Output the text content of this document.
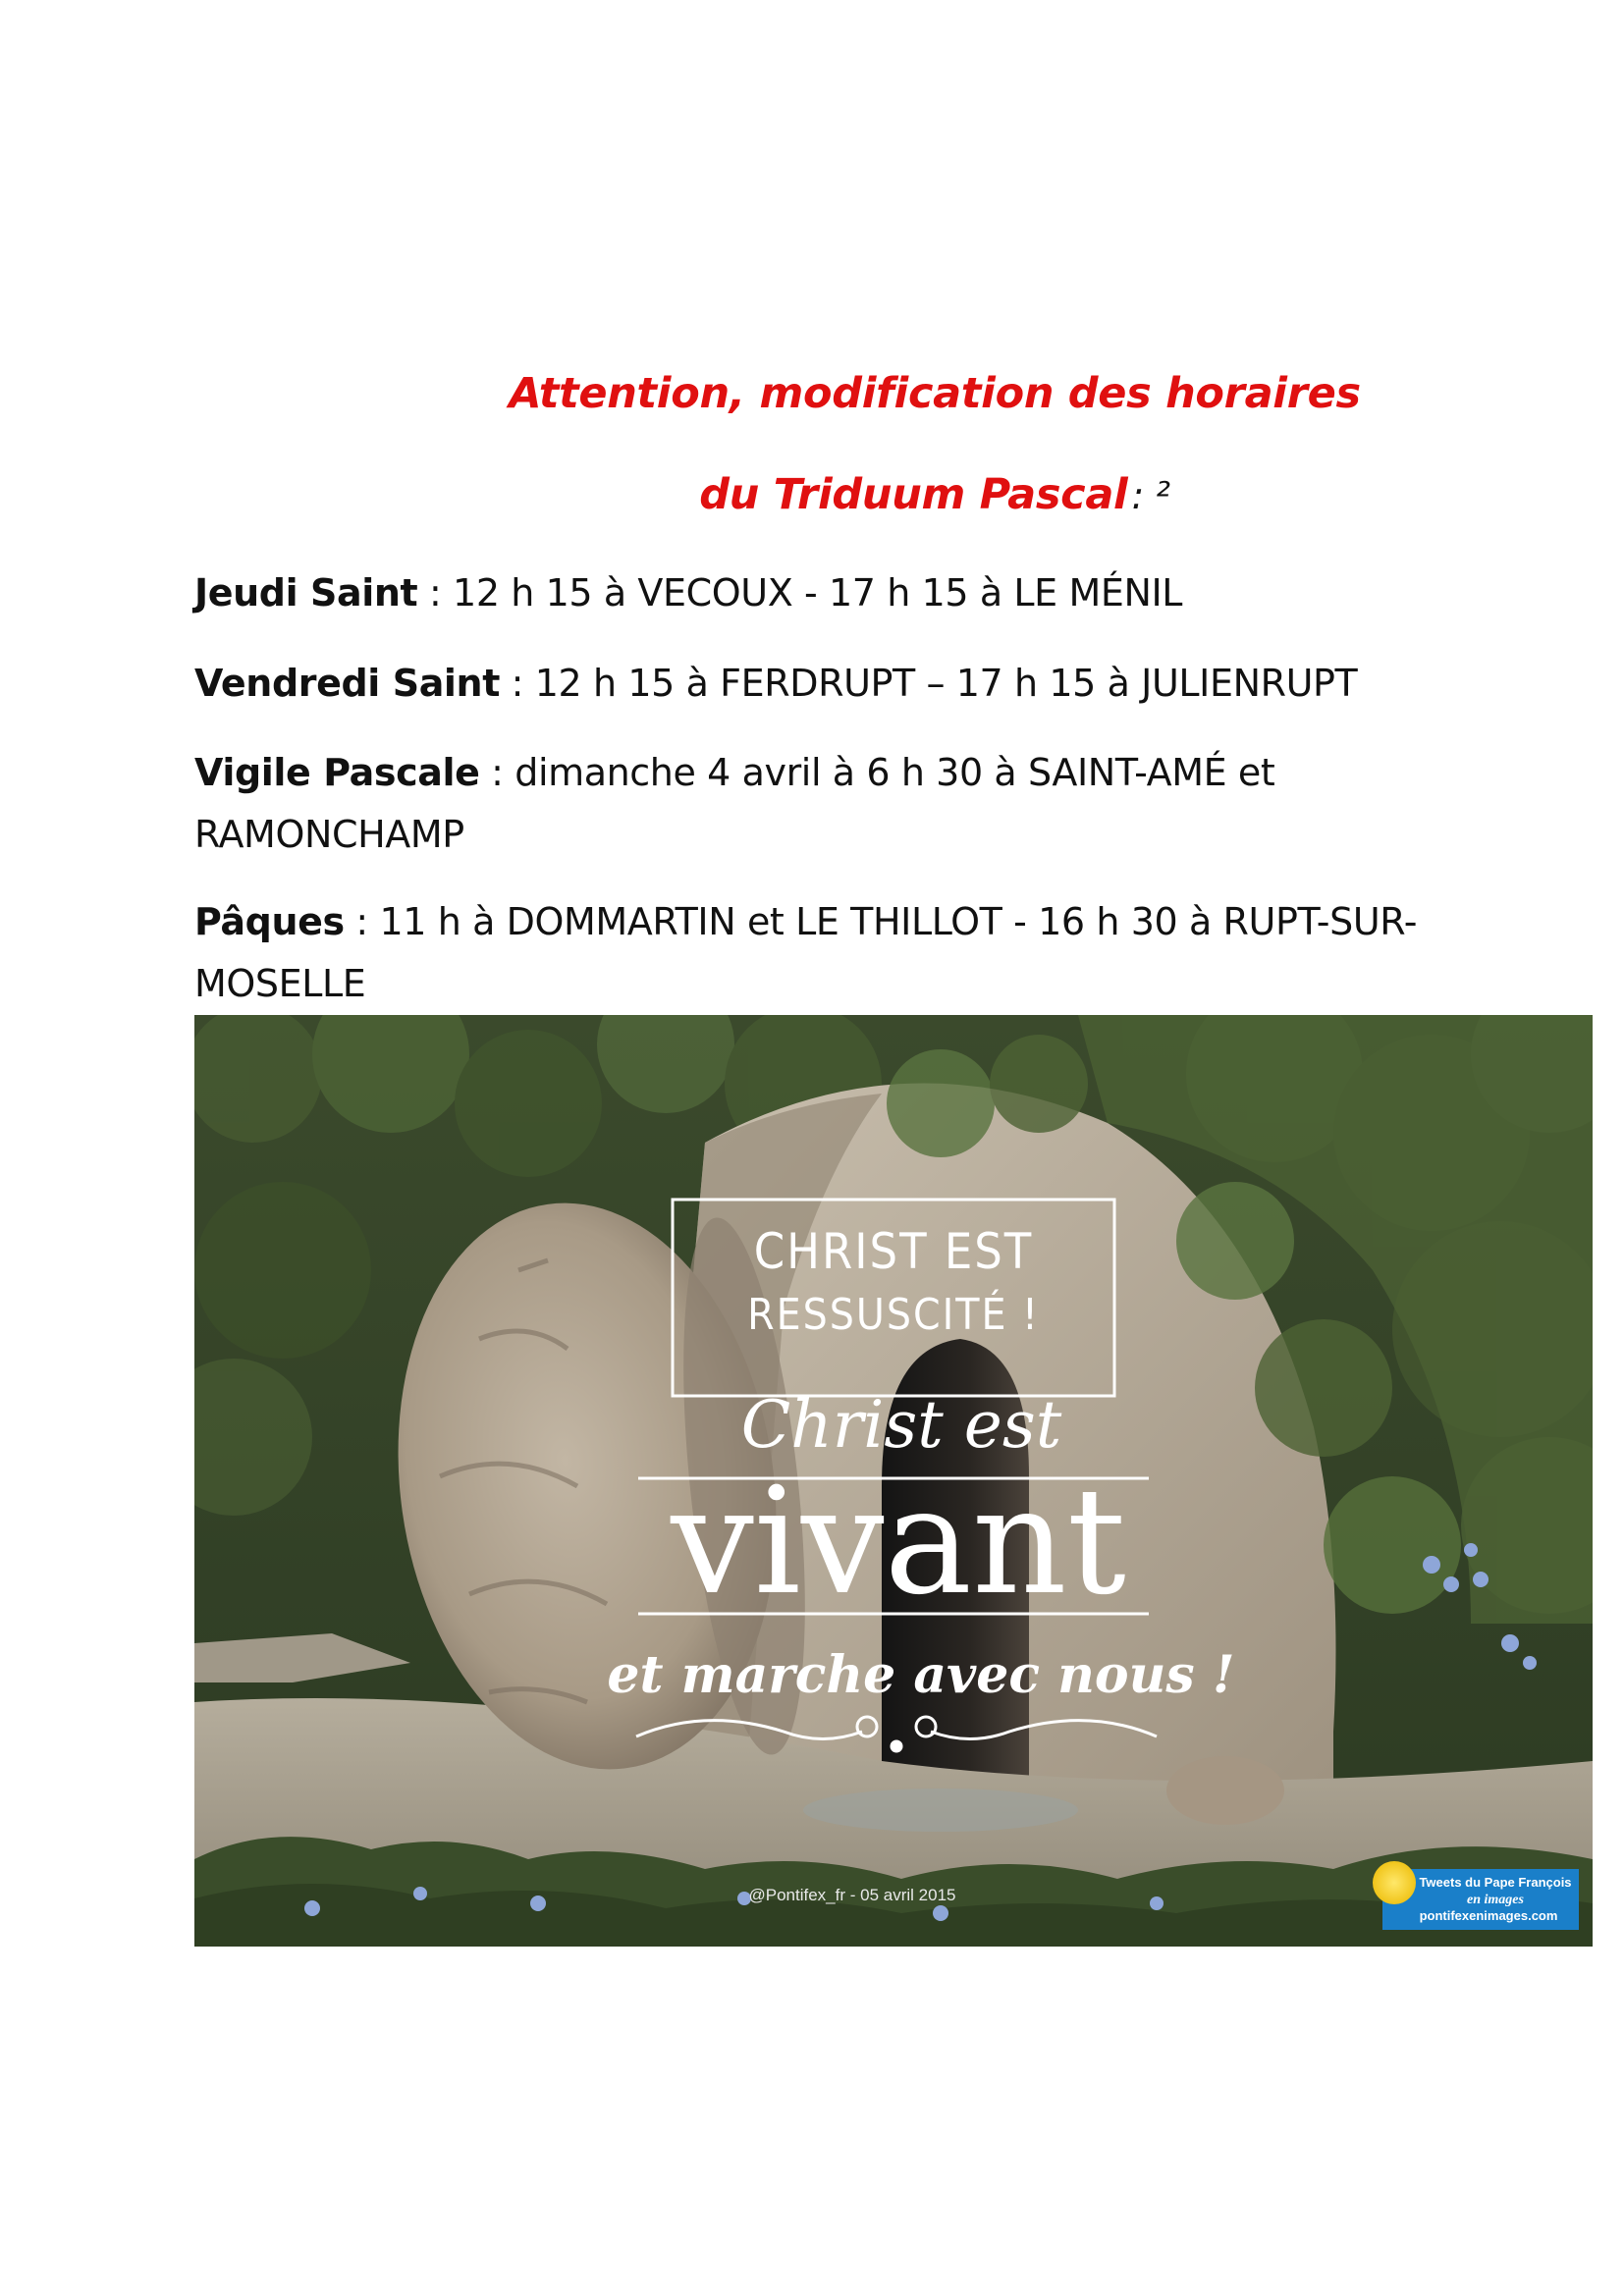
Attention, modification des horaires
du Triduum Pascal : ²
Jeudi Saint : 12 h 15 à VECOUX - 17 h 15 à LE MÉNIL
Vendredi Saint : 12 h 15 à FERDRUPT – 17 h 15 à JULIENRUPT
Vigile Pascale : dimanche 4 avril à 6 h 30 à SAINT-AMÉ et RAMONCHAMP
Pâques : 11 h à DOMMARTIN et LE THILLOT - 16 h 30 à RUPT-SUR-MOSELLE
CHRIST EST
RESSUSCITÉ !
Christ est
vivant
et marche avec nous !
@Pontifex_fr - 05 avril 2015
Tweets du Pape François
en images
pontifexenimages.com
